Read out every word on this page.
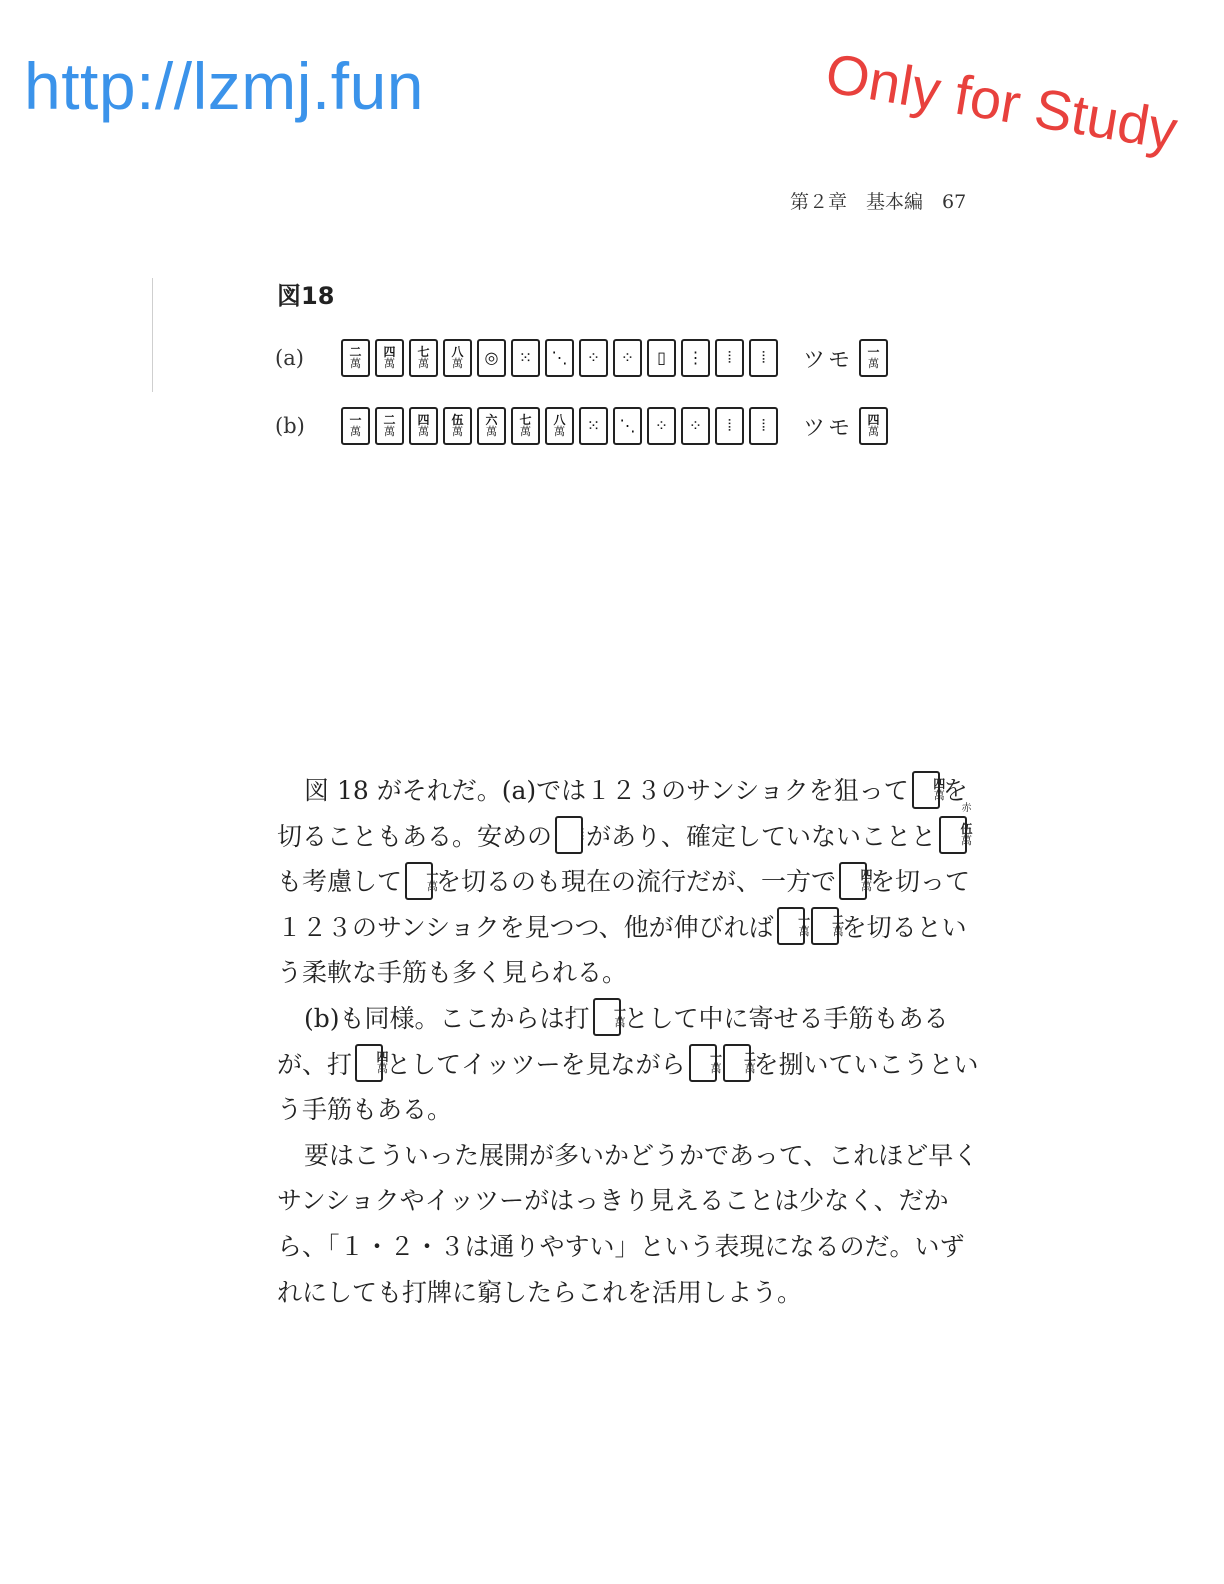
http://lzmj.fun	Only for Study
第２章　基本編　67
図18
(a)	二
萬
四
萬
七
萬
八
萬 ◎ ⁙ ⋱ ⁘ ⁘ ▯ ⋮ ⦙ ⦙ ツモ 一
萬
(b)	一
萬
二
萬
四
萬
伍
萬
六
萬
七
萬
八
萬 ⁙ ⋱ ⁘ ⁘ ⦙ ⦙ ツモ 四
萬

図 18 がそれだ。(a)では１２３のサンショクを狙って	四
萬
を切ることもある。安めの	⦙ があり、確定していないことと
赤
伍
萬
も考慮して	一
萬
を切るのも現在の流行だが、一方で	四
萬
を切って１２３のサンショクを見つつ、他が伸びれば	一
萬
二
萬
を切るという柔軟な手筋も多く見られる。

(b)も同様。ここからは打	一
萬
として中に寄せる手筋もあるが、打	四
萬
としてイッツーを見ながら	一
萬
二
萬
を捌いていこうという手筋もある。

要はこういった展開が多いかどうかであって、これほど早くサンショクやイッツーがはっきり見えることは少なく、だから、「１・２・３は通りやすい」という表現になるのだ。いずれにしても打牌に窮したらこれを活用しよう。
